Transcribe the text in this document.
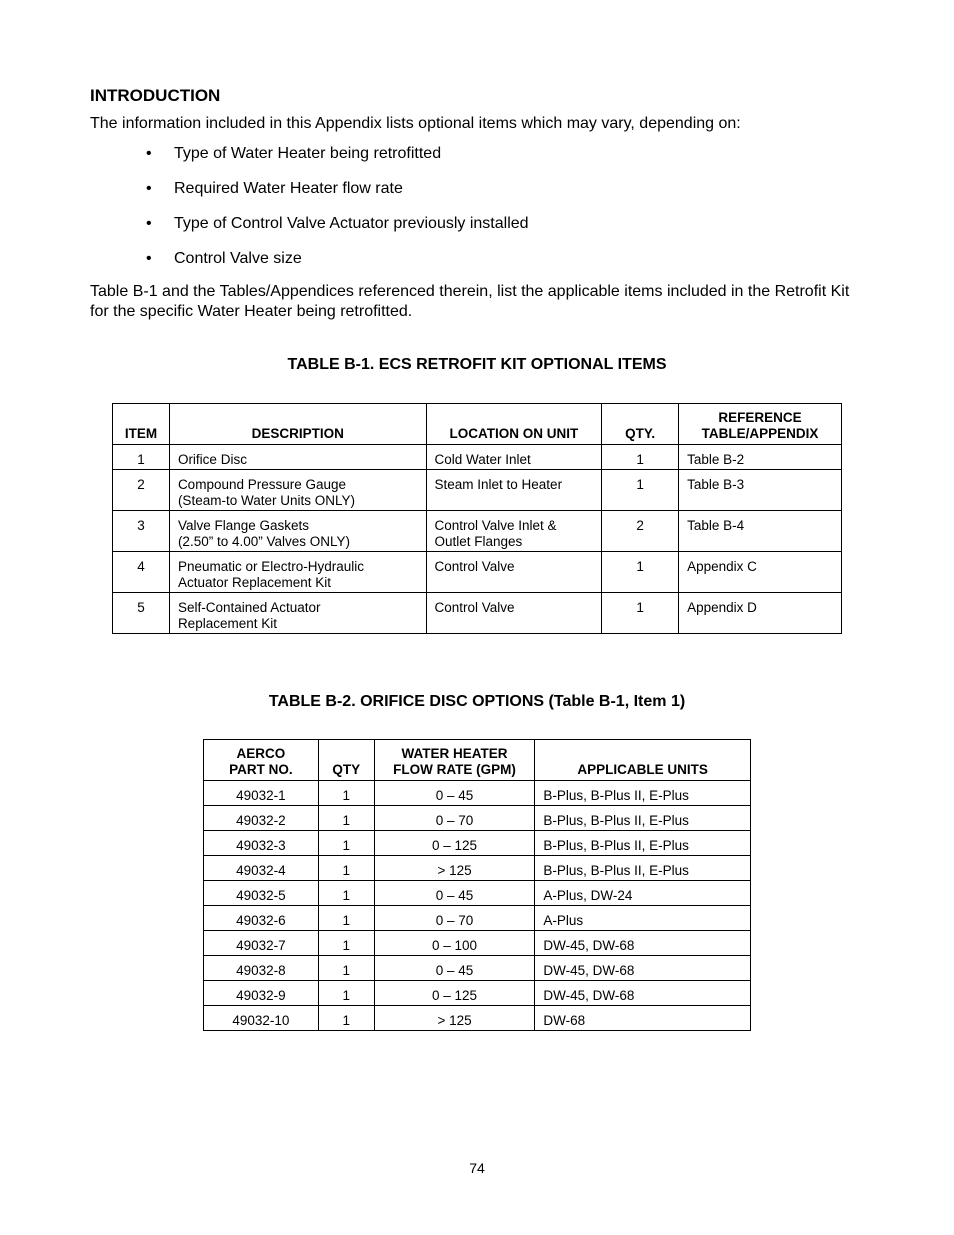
INTRODUCTION

The information included in this Appendix lists optional items which may vary, depending on:

•	Type of Water Heater being retrofitted
•	Required Water Heater flow rate
•	Type of Control Valve Actuator previously installed
•	Control Valve size

Table B-1 and the Tables/Appendices referenced therein, list the applicable items included in the Retrofit Kit for the specific Water Heater being retrofitted.

TABLE B-1. ECS RETROFIT KIT OPTIONAL ITEMS

ITEM	DESCRIPTION	LOCATION ON UNIT	QTY.	REFERENCE
TABLE/APPENDIX
1	Orifice Disc	Cold Water Inlet	1	Table B-2
2	Compound Pressure Gauge
(Steam-to Water Units ONLY)	Steam Inlet to Heater	1	Table B-3
3	Valve Flange Gaskets
(2.50” to 4.00” Valves ONLY)	Control Valve Inlet &
Outlet Flanges	2	Table B-4
4	Pneumatic or Electro-Hydraulic
Actuator Replacement Kit	Control Valve	1	Appendix C
5	Self-Contained Actuator
Replacement Kit	Control Valve	1	Appendix D

TABLE B-2. ORIFICE DISC OPTIONS (Table B-1, Item 1)

AERCO
PART NO.	QTY	WATER HEATER
FLOW RATE (GPM)	APPLICABLE UNITS
49032-1	1	0 – 45	B-Plus, B-Plus II, E-Plus
49032-2	1	0 – 70	B-Plus, B-Plus II, E-Plus
49032-3	1	0 – 125	B-Plus, B-Plus II, E-Plus
49032-4	1	> 125	B-Plus, B-Plus II, E-Plus
49032-5	1	0 – 45	A-Plus, DW-24
49032-6	1	0 – 70	A-Plus
49032-7	1	0 – 100	DW-45, DW-68
49032-8	1	0 – 45	DW-45, DW-68
49032-9	1	0 – 125	DW-45, DW-68
49032-10	1	> 125	DW-68

74
